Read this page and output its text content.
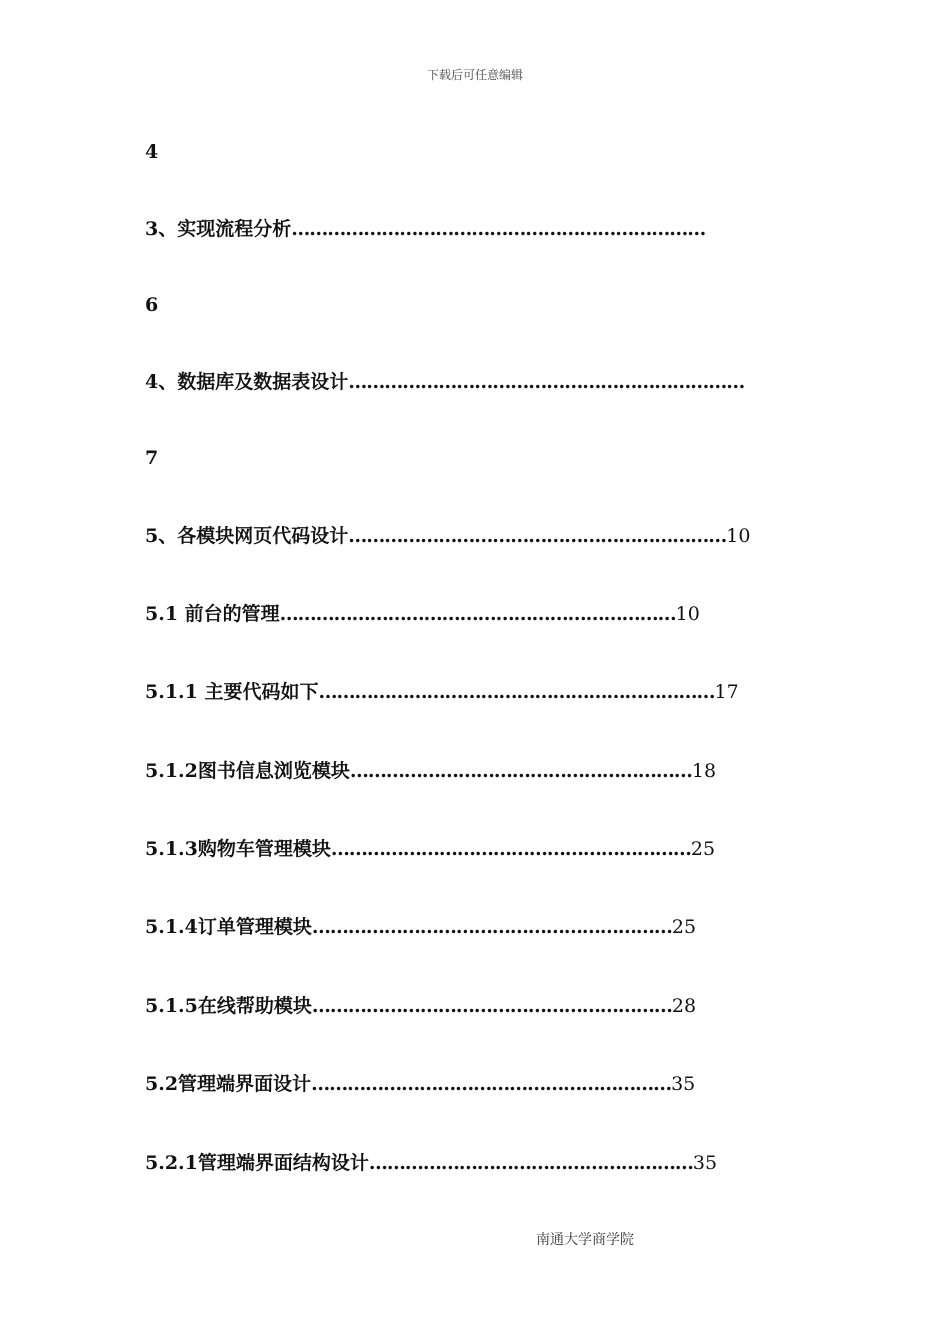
下载后可任意编辑
4
3、实现流程分析……………………………………………………………
6
4、数据库及数据表设计…………………………………………………………
7
5、各模块网页代码设计………………………………………………………10
5.1 前台的管理…………………………………………………………10
5.1.1 主要代码如下…………………………………………………………17
5.1.2图书信息浏览模块…………………………………………………18
5.1.3购物车管理模块……………………………………………………25
5.1.4订单管理模块……………………………………………………25
5.1.5在线帮助模块……………………………………………………28
5.2管理端界面设计……………………………………………………35
5.2.1管理端界面结构设计………………………………………………35
南通大学商学院
